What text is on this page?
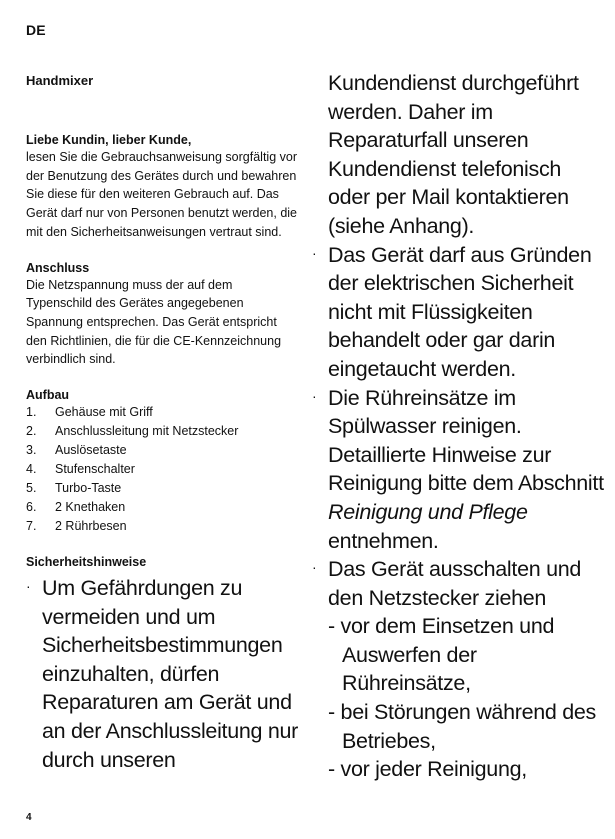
DE
Handmixer
Liebe Kundin, lieber Kunde,

lesen Sie die Gebrauchsanweisung sorgfältig vor der Benutzung des Gerätes durch und bewahren Sie diese für den weiteren Gebrauch auf. Das Gerät darf nur von Personen benutzt werden, die mit den Sicherheitsanweisungen vertraut sind.

Anschluss

Die Netzspannung muss der auf dem Typenschild des Gerätes angegebenen Spannung entsprechen. Das Gerät entspricht den Richtlinien, die für die CE-Kennzeichnung verbindlich sind.

Aufbau
1.	Gehäuse mit Griff
2.	Anschlussleitung mit Netzstecker
3.	Auslösetaste
4.	Stufenschalter
5.	Turbo-Taste
6.	2 Knethaken
7.	2 Rührbesen
Sicherheitshinweise
· Um Gefährdungen zu vermeiden und um Sicherheitsbestimmungen einzuhalten, dürfen Reparaturen am Gerät und an der Anschlussleitung nur durch unseren
Kundendienst durchgeführt werden. Daher im Reparaturfall unseren Kundendienst telefonisch oder per Mail kontaktieren (siehe Anhang).
· Das Gerät darf aus Gründen der elektrischen Sicherheit nicht mit Flüssigkeiten behandelt oder gar darin eingetaucht werden.
· Die Rühreinsätze im Spülwasser reinigen. Detaillierte Hinweise zur Reinigung bitte dem Abschnitt Reinigung und Pflege entnehmen.
· Das Gerät ausschalten und den Netzstecker ziehen
- vor dem Einsetzen und Auswerfen der Rühreinsätze,
- bei Störungen während des Betriebes,
- vor jeder Reinigung,
4
